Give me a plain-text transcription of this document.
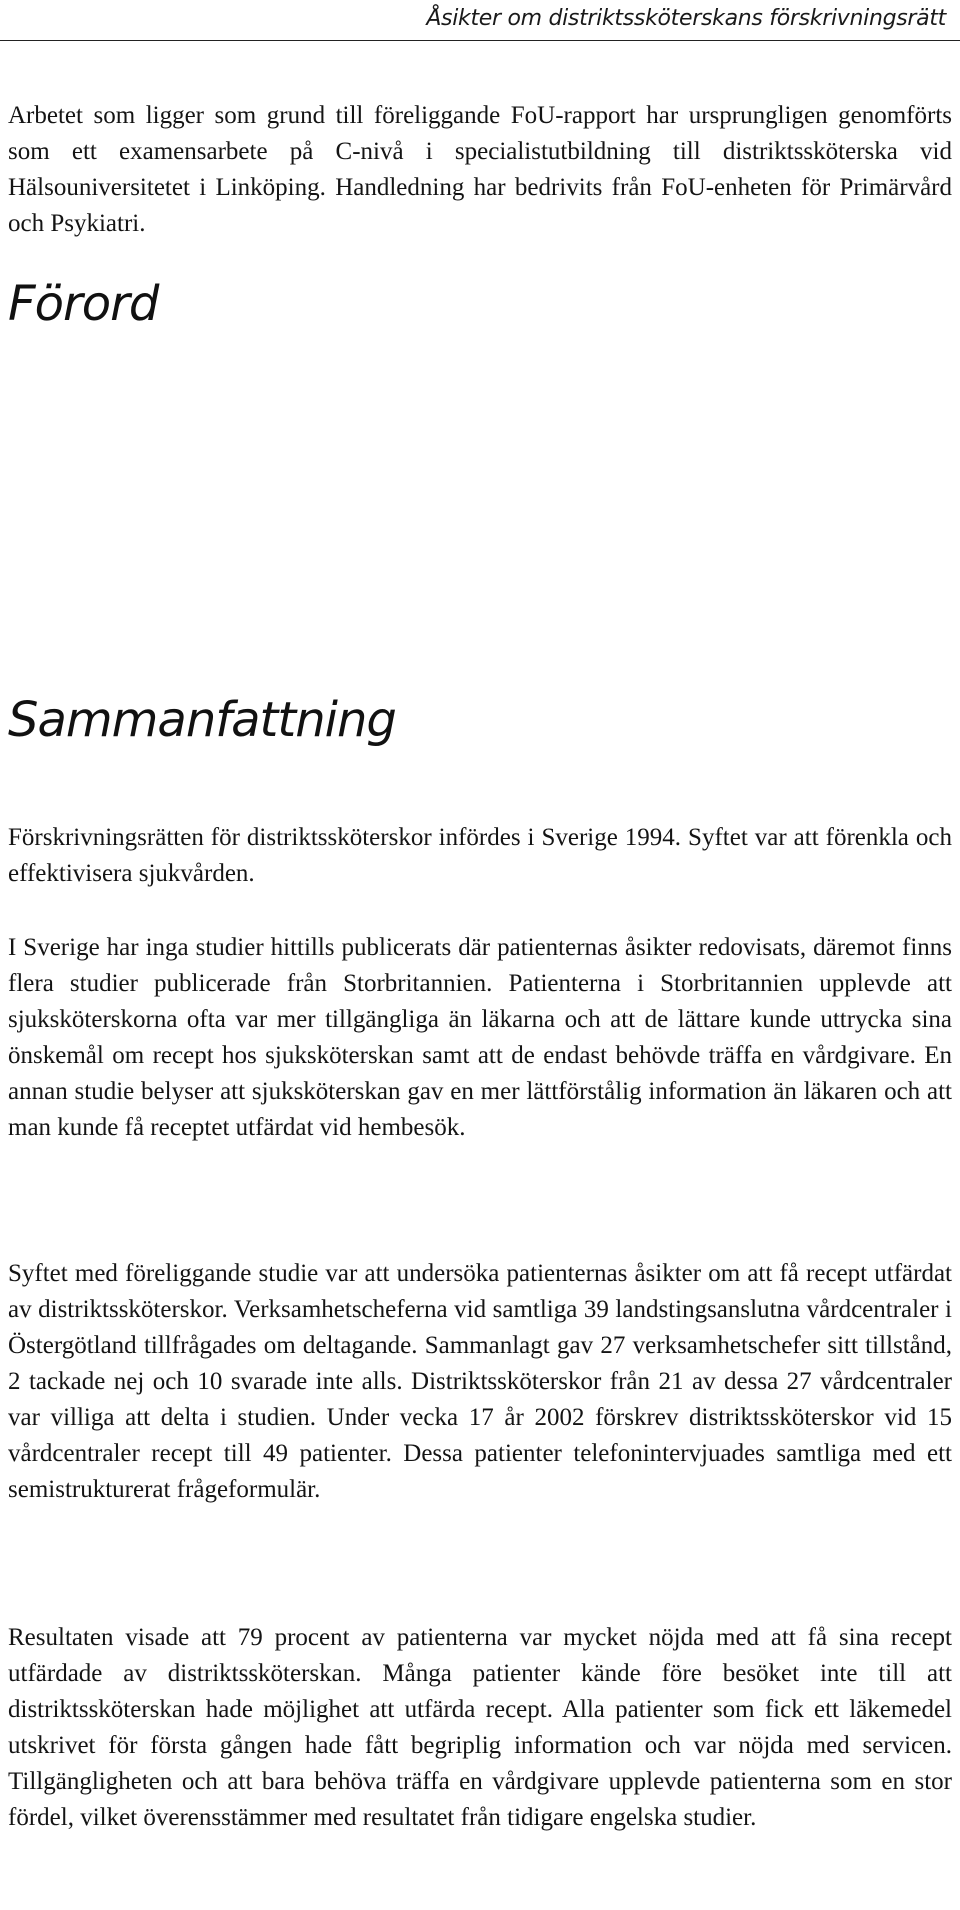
Åsikter om distriktssköterskans förskrivningsrätt
Förord

Arbetet som ligger som grund till föreliggande FoU-rapport har ursprungligen genomförts som ett examensarbete på C-nivå i specialistutbildning till distriktssköterska vid Hälsouniversitetet i Linköping. Handledning har bedrivits från FoU-enheten för Primärvård och Psykiatri.

Sammanfattning

Förskrivningsrätten för distriktssköterskor infördes i Sverige 1994. Syftet var att förenkla och effektivisera sjukvården.

I Sverige har inga studier hittills publicerats där patienternas åsikter redovisats, däremot finns flera studier publicerade från Storbritannien. Patienterna i Storbritannien upplevde att sjuksköterskorna ofta var mer tillgängliga än läkarna och att de lättare kunde uttrycka sina önskemål om recept hos sjuksköterskan samt att de endast behövde träffa en vårdgivare. En annan studie belyser att sjuksköterskan gav en mer lättförstålig information än läkaren och att man kunde få receptet utfärdat vid hembesök.

Syftet med föreliggande studie var att undersöka patienternas åsikter om att få recept utfärdat av distriktssköterskor. Verksamhetscheferna vid samtliga 39 landstingsanslutna vårdcentraler i Östergötland tillfrågades om deltagande. Sammanlagt gav 27 verksamhetschefer sitt tillstånd, 2 tackade nej och 10 svarade inte alls. Distriktssköterskor från 21 av dessa 27 vårdcentraler var villiga att delta i studien. Under vecka 17 år 2002 förskrev distriktssköterskor vid 15 vårdcentraler recept till 49 patienter. Dessa patienter telefonintervjuades samtliga med ett semistrukturerat frågeformulär.

Resultaten visade att 79 procent av patienterna var mycket nöjda med att få sina recept utfärdade av distriktssköterskan. Många patienter kände före besöket inte till att distriktssköterskan hade möjlighet att utfärda recept. Alla patienter som fick ett läkemedel utskrivet för första gången hade fått begriplig information och var nöjda med servicen. Tillgängligheten och att bara behöva träffa en vårdgivare upplevde patienterna som en stor fördel, vilket överensstämmer med resultatet från tidigare engelska studier.
